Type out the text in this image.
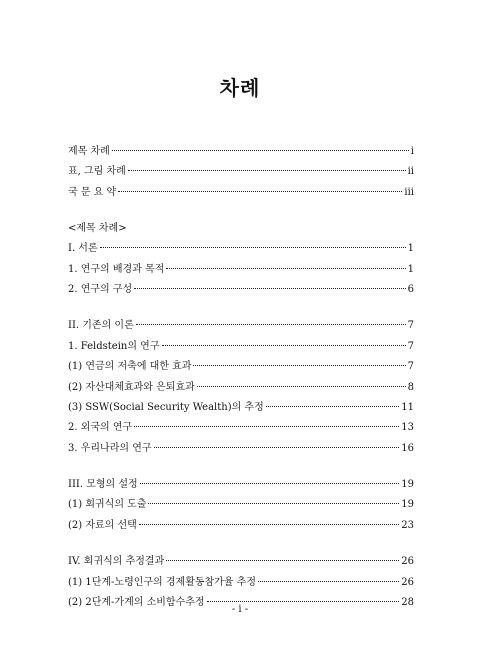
차례
제목 차례	i
표, 그림 차례	ii
국 문 요 약	iii
<제목 차례>
I. 서론	1
1. 연구의 배경과 목적	1
2. 연구의 구성	6
II. 기존의 이론	7
1. Feldstein의 연구	7
(1) 연금의 저축에 대한 효과	7
(2) 자산대체효과와 은퇴효과	8
(3) SSW(Social Security Wealth)의 추정	11
2. 외국의 연구	13
3. 우리나라의 연구	16
III. 모형의 설정	19
(1) 회귀식의 도출	19
(2) 자료의 선택	23
IV. 회귀식의 추정결과	26
(1) 1단계-노령인구의 경제활동참가율 추정	26
(2) 2단계-가계의 소비함수추정	28
- i -
